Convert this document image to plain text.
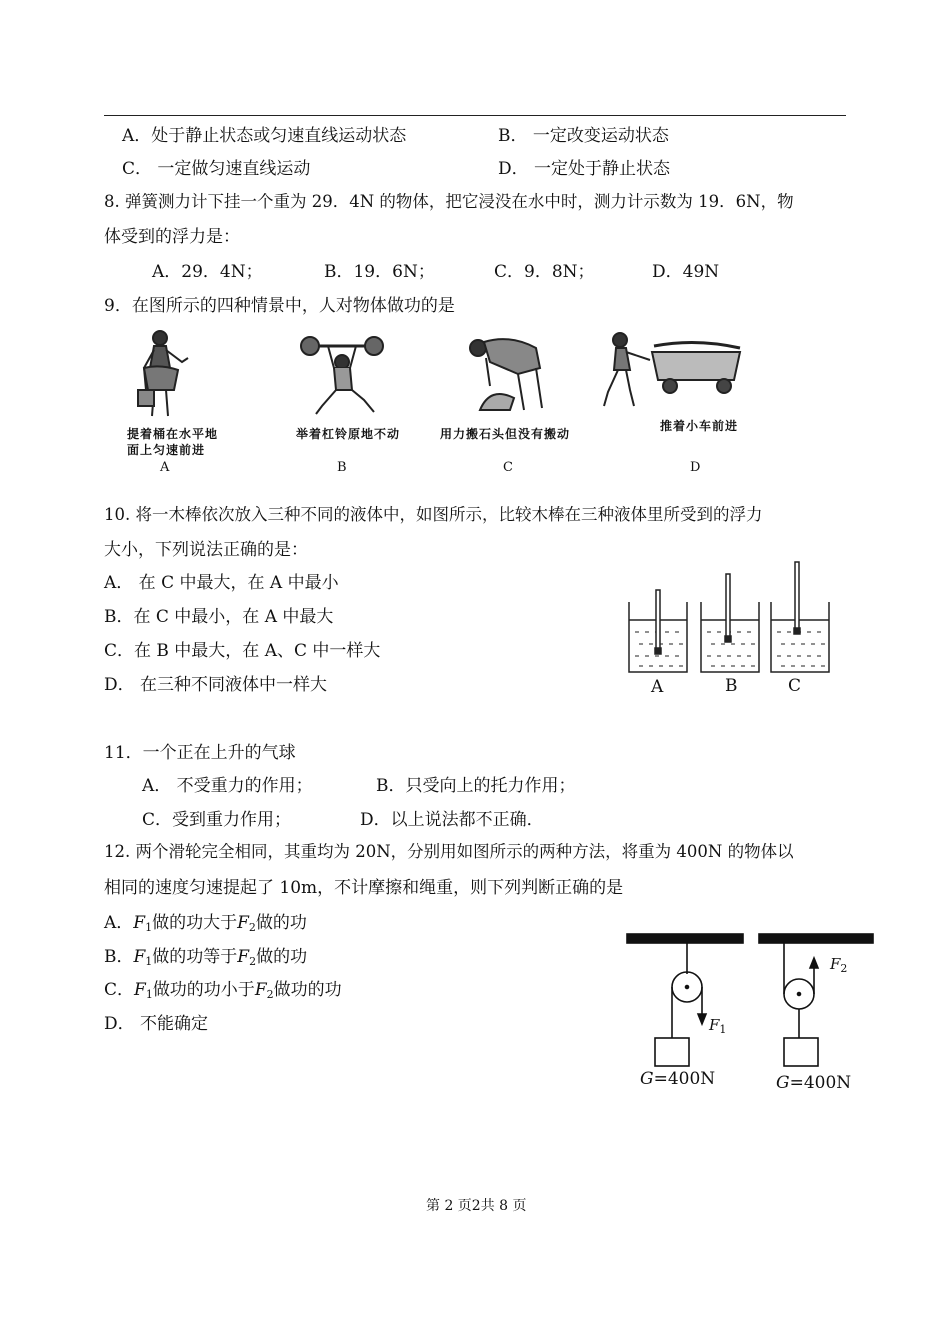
A．处于静止状态或匀速直线运动状态	B． 一定改变运动状态
C． 一定做匀速直线运动	D． 一定处于静止状态
8. 弹簧测力计下挂一个重为 29．4N 的物体，把它浸没在水中时，测力计示数为 19．6N，物
体受到的浮力是：
A．29．4N；	B．19．6N；	C．9．8N；	D．49N
9．在图所示的四种情景中，人对物体做功的是
提着桶在水平地
面上匀速前进
A
举着杠铃原地不动
B
用力搬石头但没有搬动
C
推着小车前进
D
10. 将一木棒依次放入三种不同的液体中，如图所示，比较木棒在三种液体里所受到的浮力
大小，下列说法正确的是：
A． 在 C 中最大，在 A 中最小
B．在 C 中最小，在 A 中最大
C．在 B 中最大，在 A、C 中一样大
D． 在三种不同液体中一样大	A	B	C
11．一个正在上升的气球
A． 不受重力的作用；	B．只受向上的托力作用；
C．受到重力作用；	D．以上说法都不正确．
12. 两个滑轮完全相同，其重均为 20N，分别用如图所示的两种方法，将重为 400N 的物体以
相同的速度匀速提起了 10m，不计摩擦和绳重，则下列判断正确的是
A．$F_1$做的功大于$F_2$做的功
B．$F_1$做的功等于$F_2$做的功
C．$F_1$做功的功小于$F_2$做功的功
D． 不能确定	$F_1$
$F_2$
G=400N	G=400N
第 2 页2共 8 页
